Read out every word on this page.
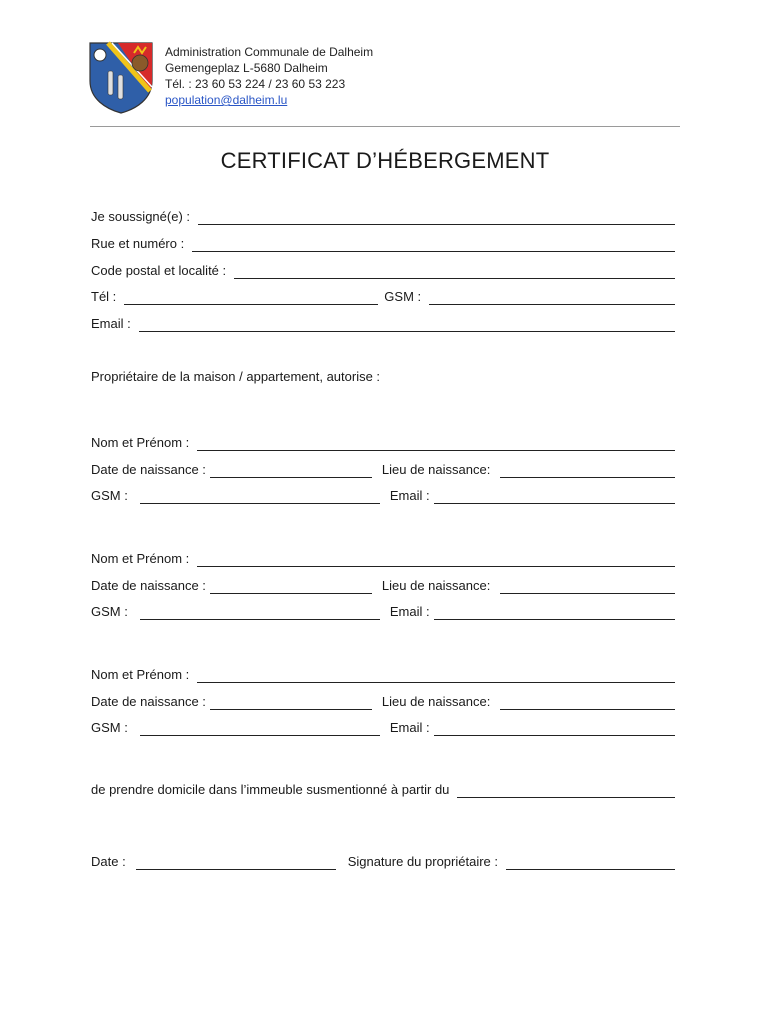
Administration Communale de Dalheim
Gemengeplaz L-5680 Dalheim
Tél. : 23 60 53 224 / 23 60 53 223
population@dalheim.lu
CERTIFICAT D’HÉBERGEMENT
Je soussigné(e) :
Rue et numéro :
Code postal et localité :
Tél :	GSM :
Email :
Propriétaire de la maison / appartement, autorise :
Nom et Prénom :
Date de naissance :	Lieu de naissance:
GSM :	Email :
Nom et Prénom :
Date de naissance :	Lieu de naissance:
GSM :	Email :
Nom et Prénom :
Date de naissance :	Lieu de naissance:
GSM :	Email :
de prendre domicile dans l’immeuble susmentionné à partir du
Date :	Signature du propriétaire :
